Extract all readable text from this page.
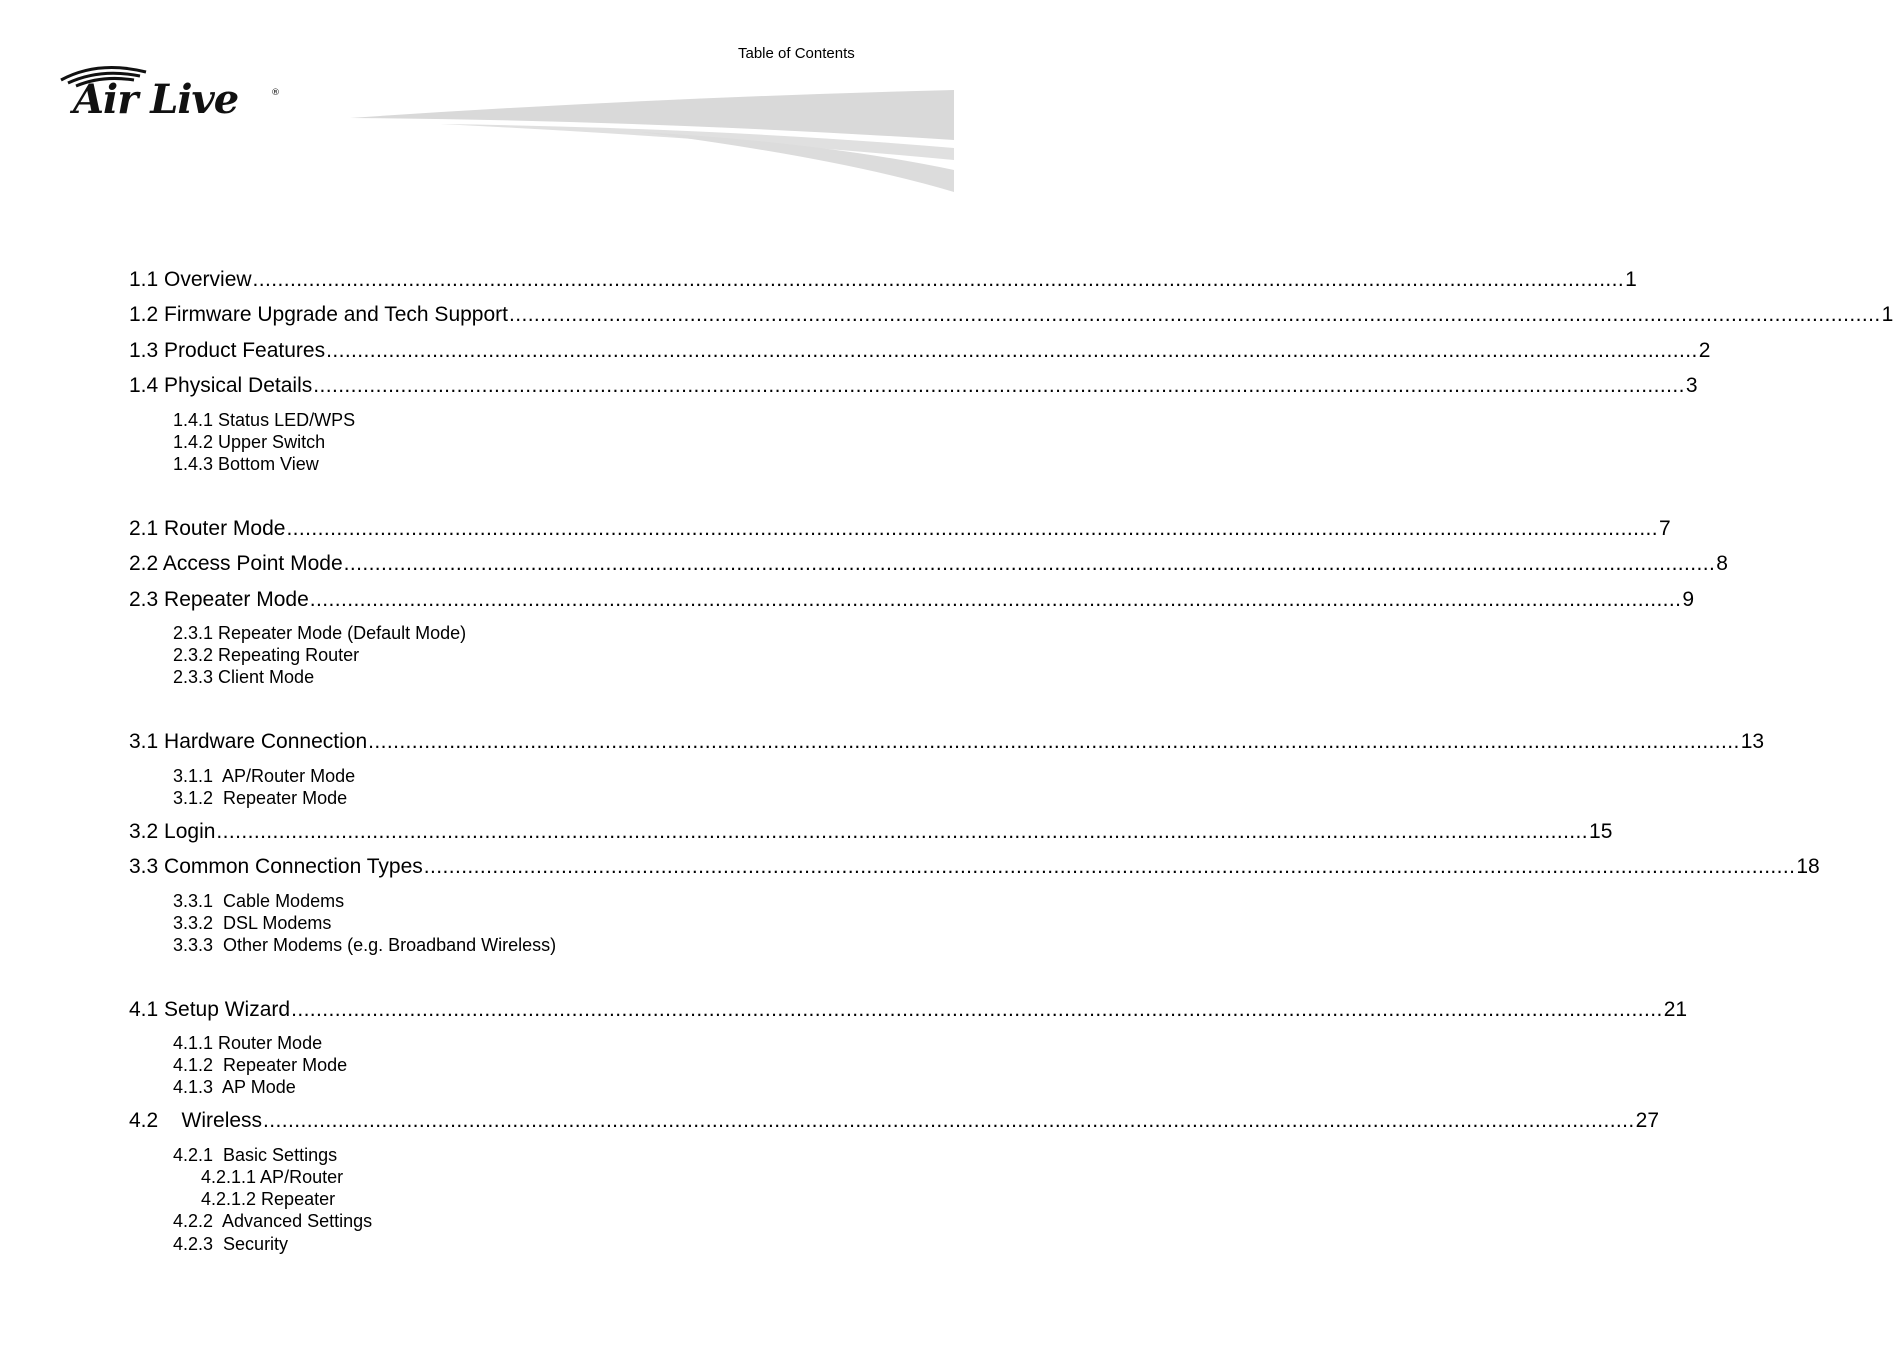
Table of Contents
Air Live	®
1.1 Overview ............................................................................................................................................................................................................................ 1
1.2 Firmware Upgrade and Tech Support ............................................................................................................................................................................................................................ 1
1.3 Product Features ............................................................................................................................................................................................................................ 2
1.4 Physical Details ............................................................................................................................................................................................................................ 3
1.4.1 Status LED/WPS
1.4.2 Upper Switch
1.4.3 Bottom View
2.1 Router Mode ............................................................................................................................................................................................................................ 7
2.2 Access Point Mode ............................................................................................................................................................................................................................ 8
2.3 Repeater Mode ............................................................................................................................................................................................................................ 9
2.3.1 Repeater Mode (Default Mode)
2.3.2 Repeating Router
2.3.3 Client Mode
3.1 Hardware Connection ............................................................................................................................................................................................................................ 13
3.1.1  AP/Router Mode
3.1.2  Repeater Mode
3.2 Login ............................................................................................................................................................................................................................ 15
3.3 Common Connection Types ............................................................................................................................................................................................................................ 18
3.3.1  Cable Modems
3.3.2  DSL Modems
3.3.3  Other Modems (e.g. Broadband Wireless)
4.1 Setup Wizard ............................................................................................................................................................................................................................ 21
4.1.1 Router Mode
4.1.2  Repeater Mode
4.1.3  AP Mode
4.2    Wireless ............................................................................................................................................................................................................................ 27
4.2.1  Basic Settings
4.2.1.1 AP/Router
4.2.1.2 Repeater
4.2.2  Advanced Settings
4.2.3  Security
